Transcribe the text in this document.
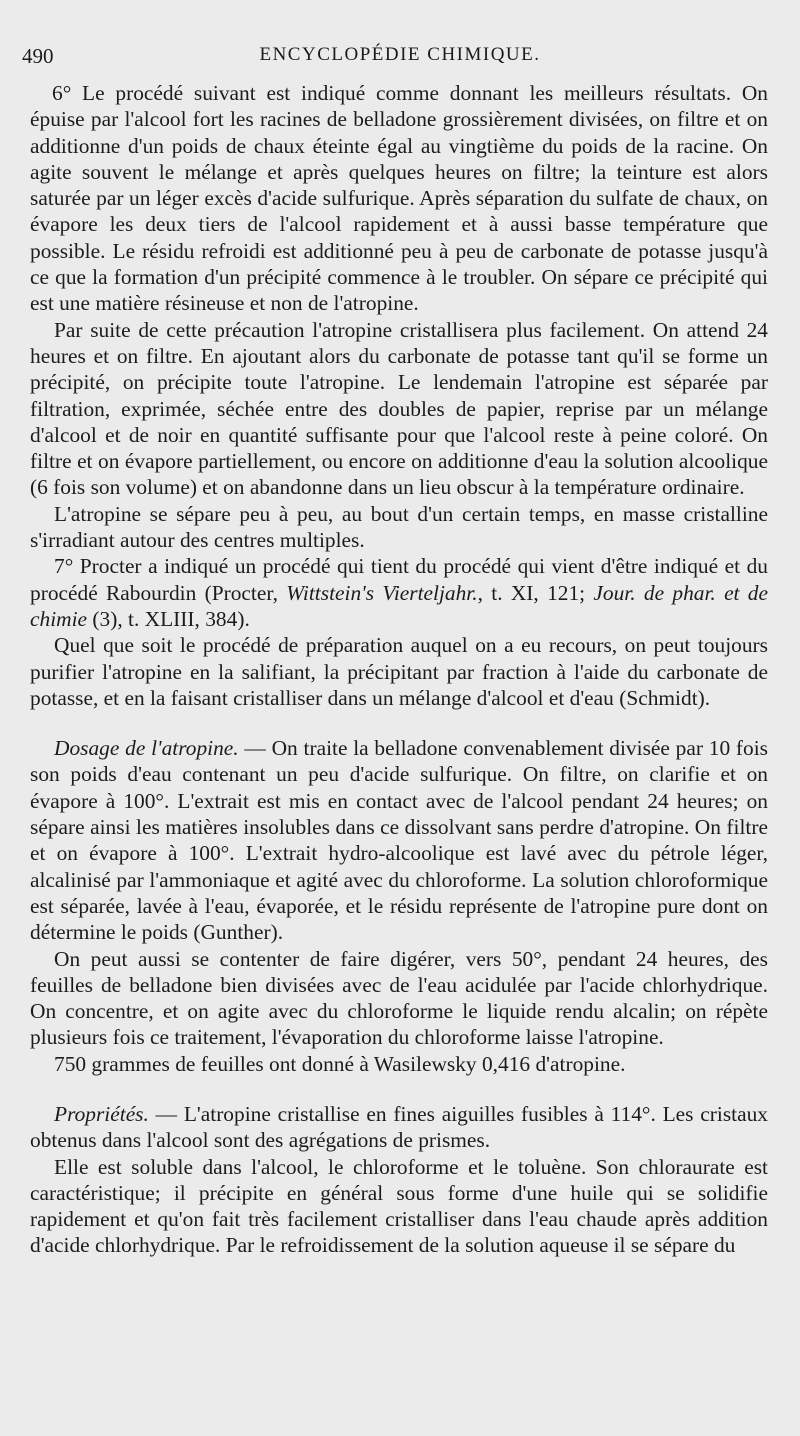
490	ENCYCLOPÉDIE CHIMIQUE.

6° Le procédé suivant est indiqué comme donnant les meilleurs résultats. On épuise par l'alcool fort les racines de belladone grossièrement divisées, on filtre et on additionne d'un poids de chaux éteinte égal au vingtième du poids de la racine. On agite souvent le mélange et après quelques heures on filtre; la teinture est alors saturée par un léger excès d'acide sulfurique. Après séparation du sulfate de chaux, on évapore les deux tiers de l'alcool rapidement et à aussi basse température que possible. Le résidu refroidi est additionné peu à peu de carbonate de potasse jusqu'à ce que la formation d'un précipité commence à le troubler. On sépare ce précipité qui est une matière résineuse et non de l'atropine.

Par suite de cette précaution l'atropine cristallisera plus facilement. On attend 24 heures et on filtre. En ajoutant alors du carbonate de potasse tant qu'il se forme un précipité, on précipite toute l'atropine. Le lendemain l'atropine est séparée par filtration, exprimée, séchée entre des doubles de papier, reprise par un mélange d'alcool et de noir en quantité suffisante pour que l'alcool reste à peine coloré. On filtre et on évapore partiellement, ou encore on additionne d'eau la solution alcoolique (6 fois son volume) et on abandonne dans un lieu obscur à la température ordinaire.

L'atropine se sépare peu à peu, au bout d'un certain temps, en masse cristalline s'irradiant autour des centres multiples.

7° Procter a indiqué un procédé qui tient du procédé qui vient d'être indiqué et du procédé Rabourdin (Procter, Wittstein's Vierteljahr., t. XI, 121; Jour. de phar. et de chimie (3), t. XLIII, 384).

Quel que soit le procédé de préparation auquel on a eu recours, on peut toujours purifier l'atropine en la salifiant, la précipitant par fraction à l'aide du carbonate de potasse, et en la faisant cristalliser dans un mélange d'alcool et d'eau (Schmidt).

Dosage de l'atropine. — On traite la belladone convenablement divisée par 10 fois son poids d'eau contenant un peu d'acide sulfurique. On filtre, on clarifie et on évapore à 100°. L'extrait est mis en contact avec de l'alcool pendant 24 heures; on sépare ainsi les matières insolubles dans ce dissolvant sans perdre d'atropine. On filtre et on évapore à 100°. L'extrait hydro-alcoolique est lavé avec du pétrole léger, alcalinisé par l'ammoniaque et agité avec du chloroforme. La solution chloroformique est séparée, lavée à l'eau, évaporée, et le résidu représente de l'atropine pure dont on détermine le poids (Gunther).

On peut aussi se contenter de faire digérer, vers 50°, pendant 24 heures, des feuilles de belladone bien divisées avec de l'eau acidulée par l'acide chlorhydrique. On concentre, et on agite avec du chloroforme le liquide rendu alcalin; on répète plusieurs fois ce traitement, l'évaporation du chloroforme laisse l'atropine.

750 grammes de feuilles ont donné à Wasilewsky 0,416 d'atropine.

Propriétés. — L'atropine cristallise en fines aiguilles fusibles à 114°. Les cristaux obtenus dans l'alcool sont des agrégations de prismes.

Elle est soluble dans l'alcool, le chloroforme et le toluène. Son chloraurate est caractéristique; il précipite en général sous forme d'une huile qui se solidifie rapidement et qu'on fait très facilement cristalliser dans l'eau chaude après addition d'acide chlorhydrique. Par le refroidissement de la solution aqueuse il se sépare du
